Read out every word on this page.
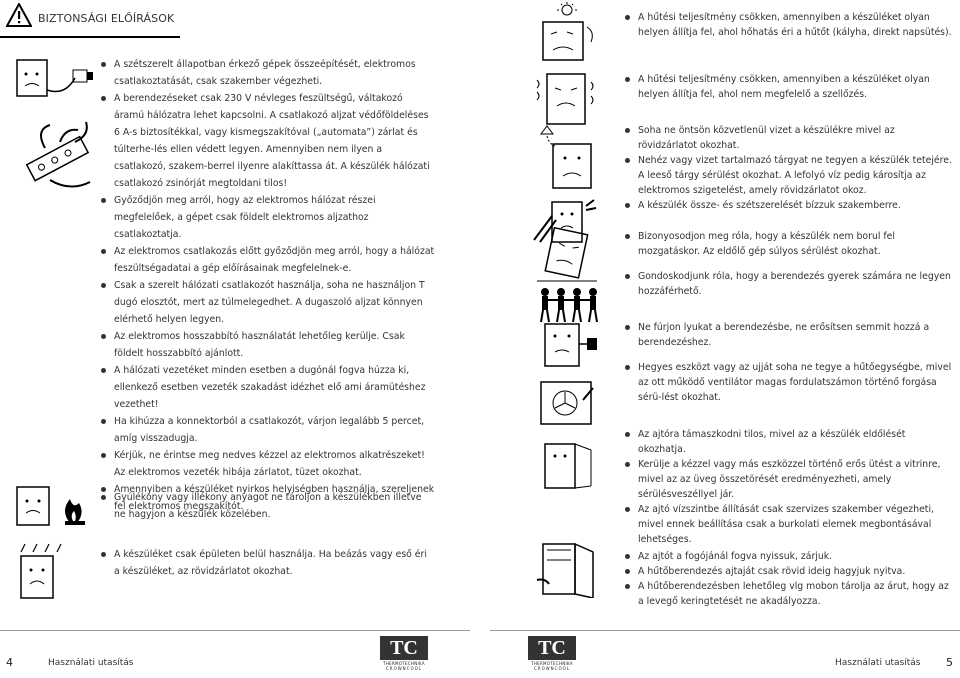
BIZTONSÁGI ELŐÍRÁSOK
A szétszerelt állapotban érkező gépek összeépítését, elektromos csatlakoztatását, csak szakember végezheti.
A berendezéseket csak 230 V névleges feszültségű, váltakozó áramú hálózatra lehet kapcsolni. A csatlakozó aljzat védőföldeléses 6 A-s biztosítékkal, vagy kismegszakítóval („automata”) zárlat és túlterhe-lés ellen védett legyen. Amennyiben nem ilyen a csatlakozó, szakem-berrel ilyenre alakíttassa át. A készülék hálózati csatlakozó zsinórját megtoldani tilos!
Győződjön meg arról, hogy az elektromos hálózat részei megfelelőek, a gépet csak földelt elektromos aljzathoz csatlakoztatja.
Az elektromos csatlakozás előtt győződjön meg arról, hogy a hálózat feszültségadatai a gép előírásainak megfelelnek-e.
Csak a szerelt hálózati csatlakozót használja, soha ne használjon T dugó elosztót, mert az túlmelegedhet. A dugaszoló aljzat könnyen elérhető helyen legyen.
Az elektromos hosszabbító használatát lehetőleg kerülje. Csak földelt hosszabbító ajánlott.
A hálózati vezetéket minden esetben a dugónál fogva húzza ki, ellenkező esetben vezeték szakadást idézhet elő ami áramütéshez vezethet!
Ha kihúzza a konnektorból a csatlakozót, várjon legalább 5 percet, amíg visszadugja.
Kérjük, ne érintse meg nedves kézzel az elektromos alkatrészeket! Az elektromos vezeték hibája zárlatot, tüzet okozhat.
Amennyiben a készüléket nyirkos helyiségben használja, szereljenek fel elektromos megszakítót.
Gyúlékony vagy illékony anyagot ne tároljon a készülékben illetve ne hagyjon a készülék közelében.
A készüléket csak épületen belül használja. Ha beázás vagy eső éri a készüléket, az rövidzárlatot okozhat.
A hűtési teljesítmény csökken, amennyiben a készüléket olyan helyen állítja fel, ahol hőhatás éri a hűtőt (kályha, direkt napsütés).
A hűtési teljesítmény csökken, amennyiben a készüléket olyan helyen állítja fel, ahol nem megfelelő a szellőzés.
Soha ne öntsön közvetlenül vizet a készülékre mivel az rövidzárlatot okozhat.
Nehéz vagy vizet tartalmazó tárgyat ne tegyen a készülék tetejére. A leeső tárgy sérülést okozhat. A lefolyó víz pedig károsítja az elektromos szigetelést, amely rövidzárlatot okoz.
A készülék össze- és szétszerelését bízzuk szakemberre.
Bizonyosodjon meg róla, hogy a készülék nem borul fel mozgatáskor. Az eldőlő gép súlyos sérülést okozhat.
Gondoskodjunk róla, hogy a berendezés gyerek számára ne legyen hozzáférhető.
Ne fúrjon lyukat a berendezésbe, ne erősítsen semmit hozzá a berendezéshez.
Hegyes eszközt vagy az ujját soha ne tegye a hűtőegységbe, mivel az ott működő ventilátor magas fordulatszámon történő forgása sérü-lést okozhat.
Az ajtóra támaszkodni tilos, mivel az a készülék eldőlését okozhatja.
Kerülje a kézzel vagy más eszközzel történő erős ütést a vitrinre, mivel az az üveg összetörését eredményezheti, amely sérülésveszéllyel jár.
Az ajtó vízszintbe állítását csak szervizes szakember végezheti, mivel ennek beállítása csak a burkolati elemek megbontásával lehetséges.
Az ajtót a fogójánál fogva nyissuk, zárjuk.
A hűtőberendezés ajtaját csak rövid ideig hagyjuk nyitva.
A hűtőberendezésben lehetőleg vlg mobon tárolja az árut, hogy az a levegő keringtetését ne akadályozza.
4	Használati utasítás
TC
THERMOTECHNIKA
CROWNCOOL
TC
THERMOTECHNIKA
CROWNCOOL
Használati utasítás 5
